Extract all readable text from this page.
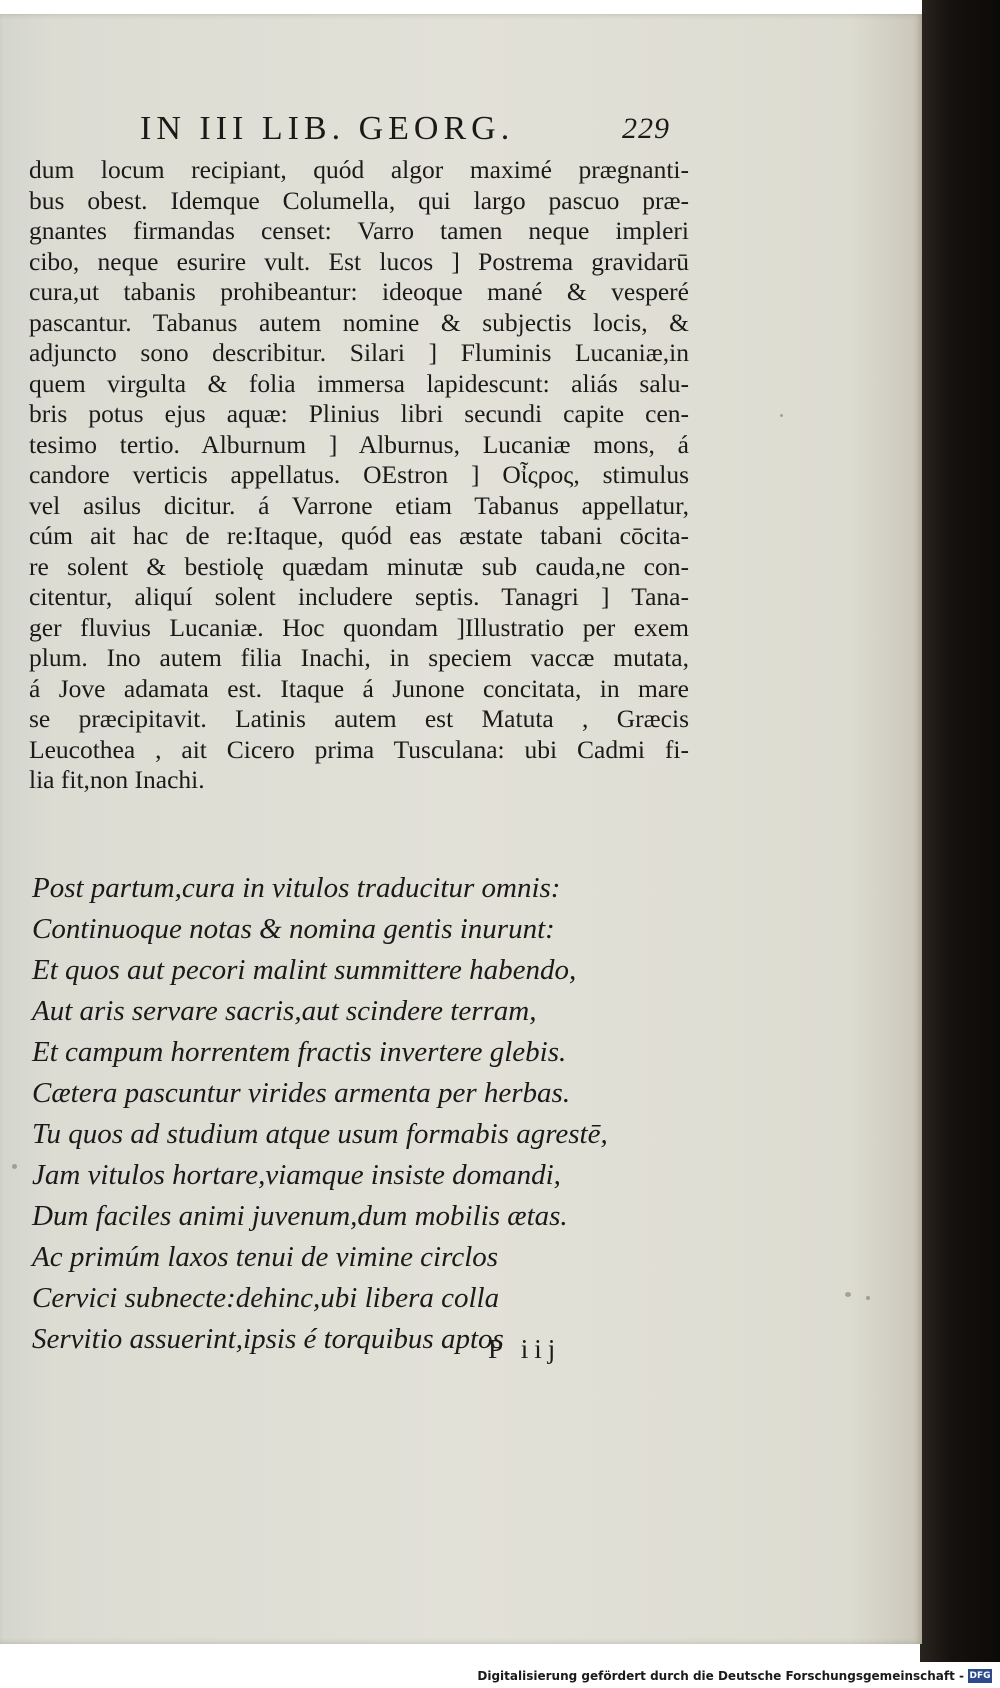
IN III LIB. GEORG.	229
dum locum recipiant, quód algor maximé prægnanti-
bus obest. Idemque Columella, qui largo pascuo præ-
gnantes firmandas censet: Varro tamen neque impleri
cibo, neque esurire vult. Est lucos ] Postrema gravidarū
cura,ut tabanis prohibeantur: ideoque mané & vesperé
pascantur. Tabanus autem nomine & subjectis locis, &
adjuncto sono describitur. Silari ] Fluminis Lucaniæ,in
quem virgulta & folia immersa lapidescunt: aliás salu-
bris potus ejus aquæ: Plinius libri secundi capite cen-
tesimo tertio. Alburnum ] Alburnus, Lucaniæ mons, á
candore verticis appellatus. OEstron ] Οἶςρος, stimulus
vel asilus dicitur. á Varrone etiam Tabanus appellatur,
cúm ait hac de re:Itaque, quód eas æstate tabani cōcita-
re solent & bestiolę quædam minutæ sub cauda,ne con-
citentur, aliquí solent includere septis. Tanagri ] Tana-
ger fluvius Lucaniæ. Hoc quondam ]Illustratio per exem
plum. Ino autem filia Inachi, in speciem vaccæ mutata,
á Jove adamata est. Itaque á Junone concitata, in mare
se præcipitavit. Latinis autem est Matuta , Græcis
Leucothea , ait Cicero prima Tusculana: ubi Cadmi fi-
lia fit,non Inachi.
Post partum,cura in vitulos traducitur omnis:
Continuoque notas & nomina gentis inurunt:
Et quos aut pecori malint summittere habendo,
Aut aris servare sacris,aut scindere terram,
Et campum horrentem fractis invertere glebis.
Cætera pascuntur virides armenta per herbas.
Tu quos ad studium atque usum formabis agrestē,
Jam vitulos hortare,viamque insiste domandi,
Dum faciles animi juvenum,dum mobilis ætas.
Ac primúm laxos tenui de vimine circlos
Cervici subnecte:dehinc,ubi libera colla
Servitio assuerint,ipsis é torquibus aptos
P iij
Digitalisierung gefördert durch die Deutsche Forschungsgemeinschaft - DFG
